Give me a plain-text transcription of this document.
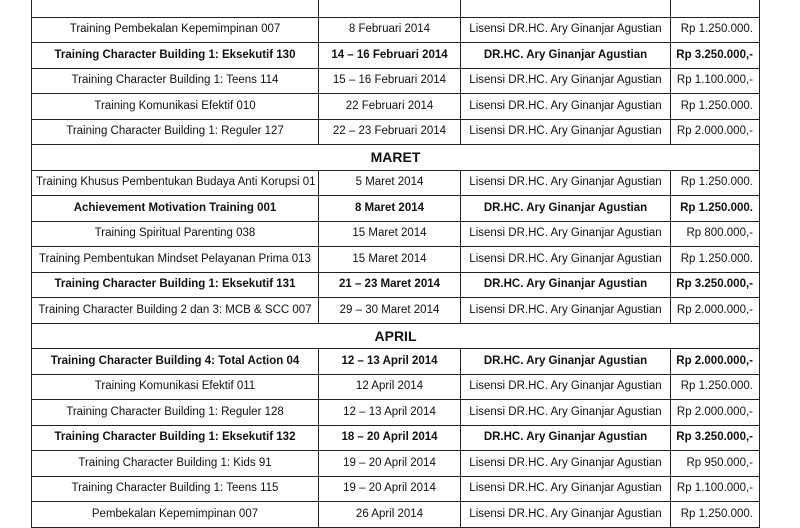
Training Pembekalan Kepemimpinan 007	8 Februari 2014	Lisensi DR.HC. Ary Ginanjar Agustian	Rp 1.250.000.
Training Character Building 1: Eksekutif 130	14 – 16 Februari 2014	DR.HC. Ary Ginanjar Agustian	Rp 3.250.000,-
Training Character Building 1: Teens 114	15 – 16 Februari 2014	Lisensi DR.HC. Ary Ginanjar Agustian	Rp 1.100.000,-
Training Komunikasi Efektif 010	22 Februari 2014	Lisensi DR.HC. Ary Ginanjar Agustian	Rp 1.250.000.
Training Character Building 1: Reguler 127	22 – 23 Februari 2014	Lisensi DR.HC. Ary Ginanjar Agustian	Rp 2.000.000,-
MARET			
Training Khusus Pembentukan Budaya Anti Korupsi 01	5 Maret 2014	Lisensi DR.HC. Ary Ginanjar Agustian	Rp 1.250.000.
Achievement Motivation Training 001	8 Maret 2014	DR.HC. Ary Ginanjar Agustian	Rp 1.250.000.
Training Spiritual Parenting 038	15 Maret 2014	Lisensi DR.HC. Ary Ginanjar Agustian	Rp 800.000,-
Training Pembentukan Mindset Pelayanan Prima 013	15 Maret 2014	Lisensi DR.HC. Ary Ginanjar Agustian	Rp 1.250.000.
Training Character Building 1: Eksekutif 131	21 – 23 Maret 2014	DR.HC. Ary Ginanjar Agustian	Rp 3.250.000,-
Training Character Building 2 dan 3: MCB & SCC 007	29 – 30 Maret 2014	Lisensi DR.HC. Ary Ginanjar Agustian	Rp 2.000.000,-
APRIL			
Training Character Building 4: Total Action 04	12 – 13 April 2014	DR.HC. Ary Ginanjar Agustian	Rp 2.000.000,-
Training Komunikasi Efektif 011	12 April 2014	Lisensi DR.HC. Ary Ginanjar Agustian	Rp 1.250.000.
Training Character Building 1: Reguler 128	12 – 13 April 2014	Lisensi DR.HC. Ary Ginanjar Agustian	Rp 2.000.000,-
Training Character Building 1: Eksekutif 132	18 – 20 April 2014	DR.HC. Ary Ginanjar Agustian	Rp 3.250.000,-
Training Character Building 1: Kids 91	19 – 20 April 2014	Lisensi DR.HC. Ary Ginanjar Agustian	Rp 950.000,-
Training Character Building 1: Teens 115	19 – 20 April 2014	Lisensi DR.HC. Ary Ginanjar Agustian	Rp 1.100.000,-
Pembekalan Kepemimpinan 007	26 April 2014	Lisensi DR.HC. Ary Ginanjar Agustian	Rp 1.250.000.
